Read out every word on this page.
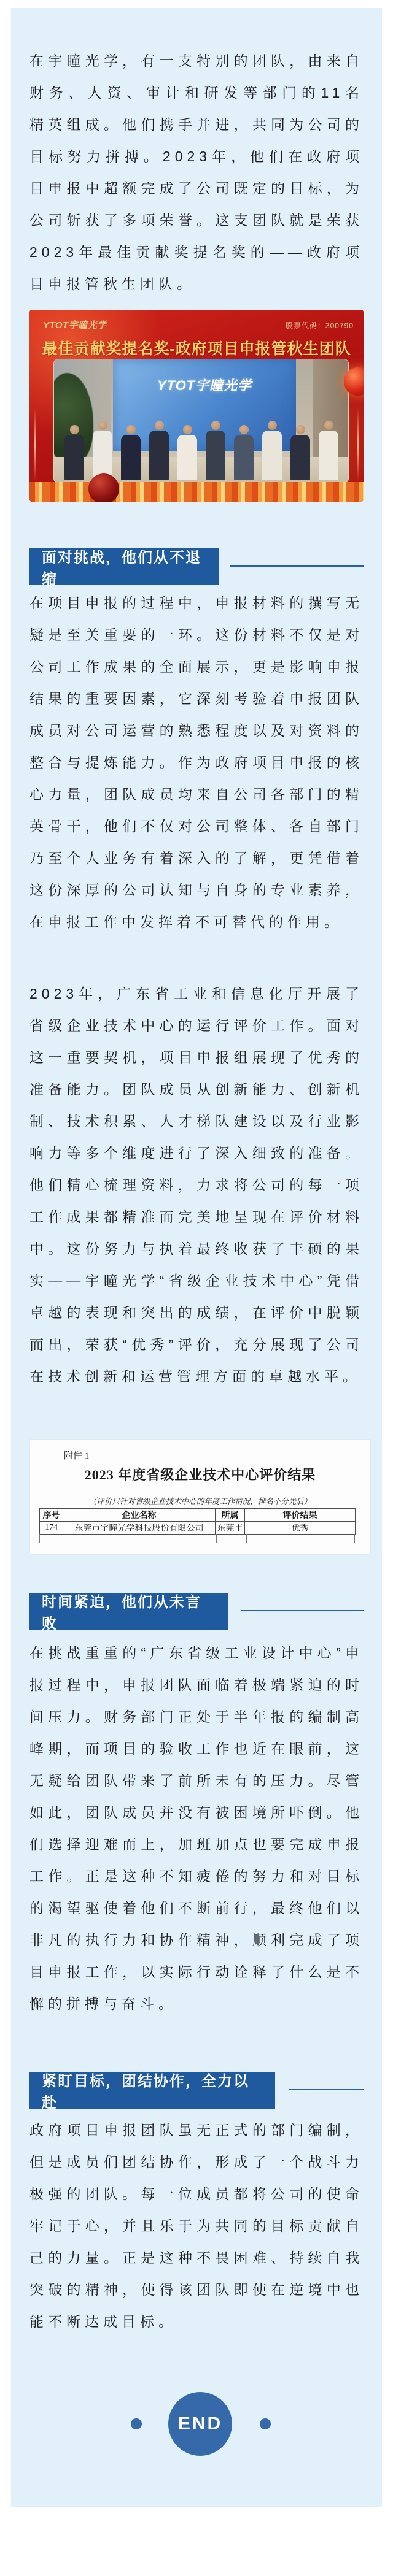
在宇瞳光学，有一支特别的团队，由来自财务、人资、审计和研发等部门的11名精英组成。他们携手并进，共同为公司的目标努力拼搏。2023年，他们在政府项目申报中超额完成了公司既定的目标，为公司斩获了多项荣誉。这支团队就是荣获2023年最佳贡献奖提名奖的——政府项目申报管秋生团队。
YTOT宇瞳光学	股票代码：300790
最佳贡献奖提名奖-政府项目申报管秋生团队
YTOT宇瞳光学
面对挑战，他们从不退缩
在项目申报的过程中，申报材料的撰写无疑是至关重要的一环。这份材料不仅是对公司工作成果的全面展示，更是影响申报结果的重要因素，它深刻考验着申报团队成员对公司运营的熟悉程度以及对资料的整合与提炼能力。作为政府项目申报的核心力量，团队成员均来自公司各部门的精英骨干，他们不仅对公司整体、各自部门乃至个人业务有着深入的了解，更凭借着这份深厚的公司认知与自身的专业素养，在申报工作中发挥着不可替代的作用。
2023年，广东省工业和信息化厅开展了省级企业技术中心的运行评价工作。面对这一重要契机，项目申报组展现了优秀的准备能力。团队成员从创新能力、创新机制、技术积累、人才梯队建设以及行业影响力等多个维度进行了深入细致的准备。他们精心梳理资料，力求将公司的每一项工作成果都精准而完美地呈现在评价材料中。这份努力与执着最终收获了丰硕的果实——宇瞳光学“省级企业技术中心”凭借卓越的表现和突出的成绩，在评价中脱颖而出，荣获“优秀”评价，充分展现了公司在技术创新和运营管理方面的卓越水平。
附件 1
2023 年度省级企业技术中心评价结果
（评价只针对省级企业技术中心的年度工作情况，排名不分先后）
序号	企业名称	所属	评价结果
174	东莞市宇瞳光学科技股份有限公司	东莞市	优秀
时间紧迫，他们从未言败
在挑战重重的“广东省级工业设计中心”申报过程中，申报团队面临着极端紧迫的时间压力。财务部门正处于半年报的编制高峰期，而项目的验收工作也近在眼前，这无疑给团队带来了前所未有的压力。尽管如此，团队成员并没有被困境所吓倒。他们选择迎难而上，加班加点也要完成申报工作。正是这种不知疲倦的努力和对目标的渴望驱使着他们不断前行，最终他们以非凡的执行力和协作精神，顺利完成了项目申报工作，以实际行动诠释了什么是不懈的拼搏与奋斗。
紧盯目标，团结协作，全力以赴
政府项目申报团队虽无正式的部门编制，但是成员们团结协作，形成了一个战斗力极强的团队。每一位成员都将公司的使命牢记于心，并且乐于为共同的目标贡献自己的力量。正是这种不畏困难、持续自我突破的精神，使得该团队即使在逆境中也能不断达成目标。
END
